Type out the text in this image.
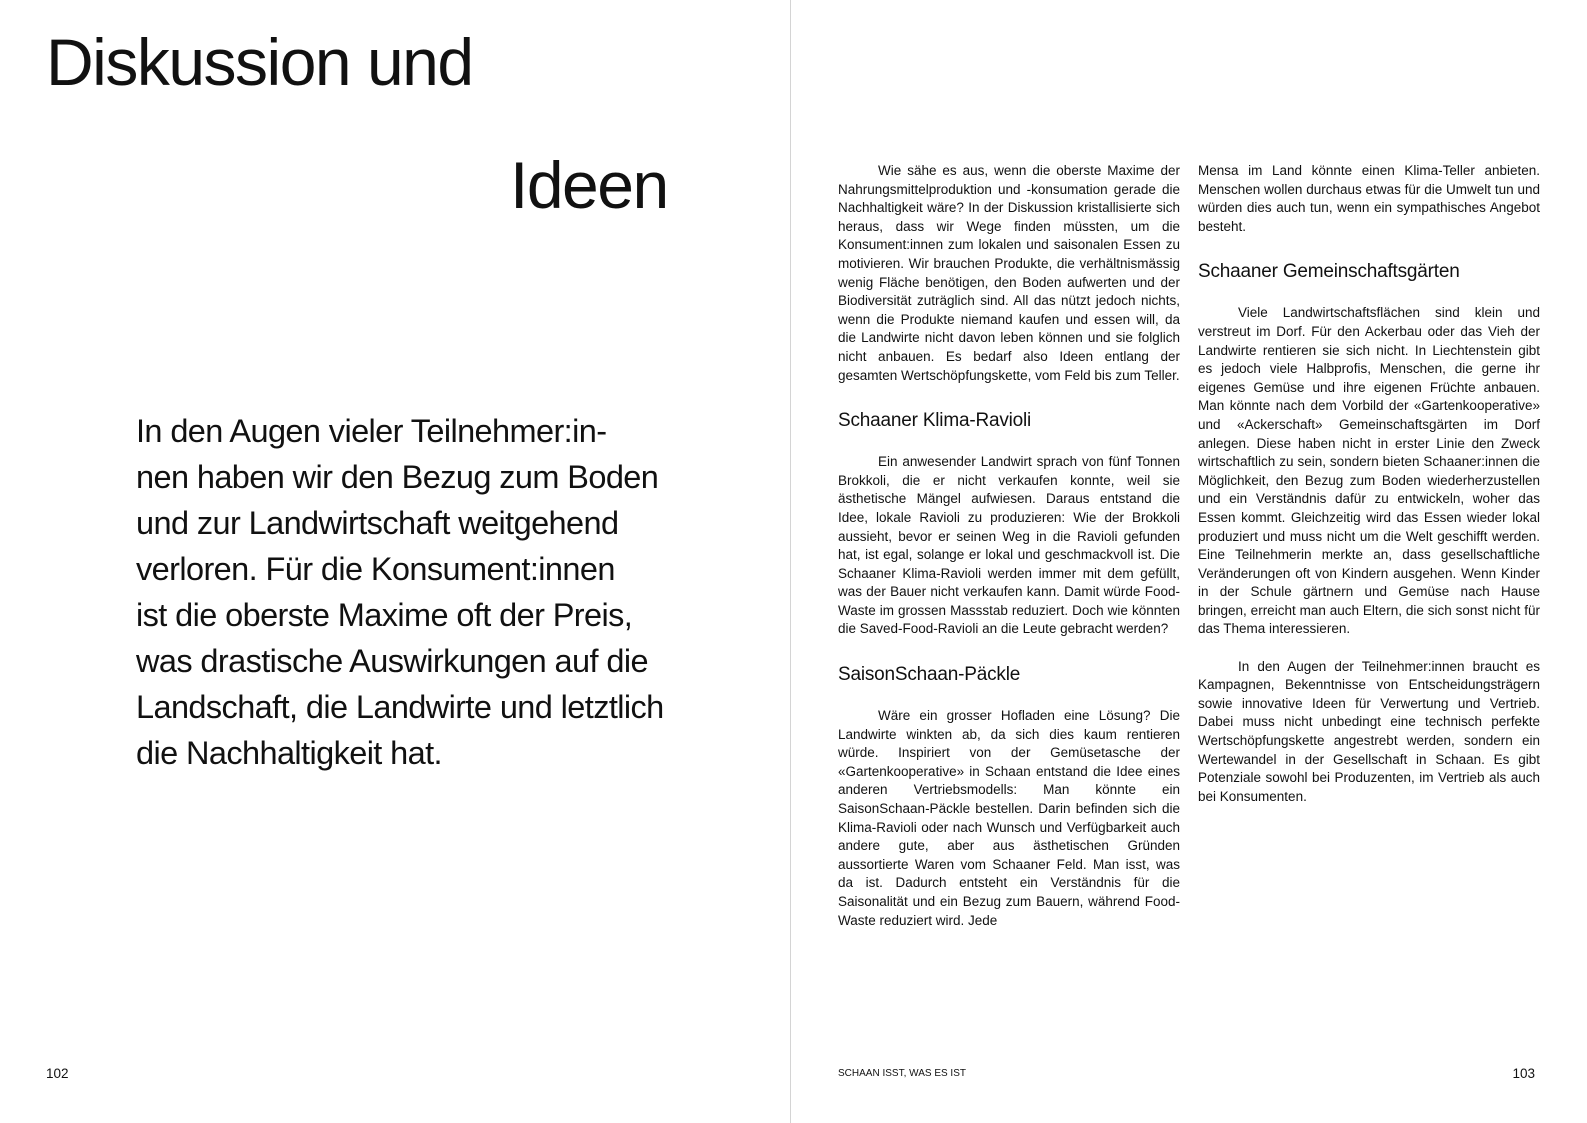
Diskussion und
Ideen

In den Augen vieler Teilnehmer:in-
nen haben wir den Bezug zum Boden
und zur Landwirtschaft weitgehend
verloren. Für die Konsument:innen
ist die oberste Maxime oft der Preis,
was drastische Auswirkungen auf die
Landschaft, die Landwirte und letztlich
die Nachhaltigkeit hat.

102

Wie sähe es aus, wenn die oberste Maxime der Nahrungsmittelproduktion und -konsumation gerade die Nachhaltigkeit wäre? In der Diskussion kristallisierte sich heraus, dass wir Wege finden müssten, um die Konsument:innen zum lokalen und saisonalen Essen zu motivieren. Wir brauchen Produkte, die verhältnismässig wenig Fläche benötigen, den Boden aufwerten und der Biodiversität zuträglich sind. All das nützt jedoch nichts, wenn die Produkte niemand kaufen und essen will, da die Landwirte nicht davon leben können und sie folglich nicht anbauen. Es bedarf also Ideen entlang der gesamten Wertschöpfungskette, vom Feld bis zum Teller.

Schaaner Klima-Ravioli

Ein anwesender Landwirt sprach von fünf Tonnen Brokkoli, die er nicht verkaufen konnte, weil sie ästhetische Mängel aufwiesen. Daraus entstand die Idee, lokale Ravioli zu produzieren: Wie der Brokkoli aussieht, bevor er seinen Weg in die Ravioli gefunden hat, ist egal, solange er lokal und geschmackvoll ist. Die Schaaner Klima-Ravioli werden immer mit dem gefüllt, was der Bauer nicht verkaufen kann. Damit würde Food-Waste im grossen Massstab reduziert. Doch wie könnten die Saved-Food-Ravioli an die Leute gebracht werden?

SaisonSchaan-Päckle

Wäre ein grosser Hofladen eine Lösung? Die Landwirte winkten ab, da sich dies kaum rentieren würde. Inspiriert von der Gemüsetasche der «Gartenkooperative» in Schaan entstand die Idee eines anderen Vertriebsmodells: Man könnte ein SaisonSchaan-Päckle bestellen. Darin befinden sich die Klima-Ravioli oder nach Wunsch und Verfügbarkeit auch andere gute, aber aus ästhetischen Gründen aussortierte Waren vom Schaaner Feld. Man isst, was da ist. Dadurch entsteht ein Verständnis für die Saisonalität und ein Bezug zum Bauern, während Food-Waste reduziert wird. Jede

Mensa im Land könnte einen Klima-Teller anbieten. Menschen wollen durchaus etwas für die Umwelt tun und würden dies auch tun, wenn ein sympathisches Angebot besteht.

Schaaner Gemeinschaftsgärten

Viele Landwirtschaftsflächen sind klein und verstreut im Dorf. Für den Ackerbau oder das Vieh der Landwirte rentieren sie sich nicht. In Liechtenstein gibt es jedoch viele Halbprofis, Menschen, die gerne ihr eigenes Gemüse und ihre eigenen Früchte anbauen. Man könnte nach dem Vorbild der «Gartenkooperative» und «Ackerschaft» Gemeinschaftsgärten im Dorf anlegen. Diese haben nicht in erster Linie den Zweck wirtschaftlich zu sein, sondern bieten Schaaner:innen die Möglichkeit, den Bezug zum Boden wiederherzustellen und ein Verständnis dafür zu entwickeln, woher das Essen kommt. Gleichzeitig wird das Essen wieder lokal produziert und muss nicht um die Welt geschifft werden. Eine Teilnehmerin merkte an, dass gesellschaftliche Veränderungen oft von Kindern ausgehen. Wenn Kinder in der Schule gärtnern und Gemüse nach Hause bringen, erreicht man auch Eltern, die sich sonst nicht für das Thema interessieren.

In den Augen der Teilnehmer:innen braucht es Kampagnen, Bekenntnisse von Entscheidungsträgern sowie innovative Ideen für Verwertung und Vertrieb. Dabei muss nicht unbedingt eine technisch perfekte Wertschöpfungskette angestrebt werden, sondern ein Wertewandel in der Gesellschaft in Schaan. Es gibt Potenziale sowohl bei Produzenten, im Vertrieb als auch bei Konsumenten.

SCHAAN ISST, WAS ES IST	103
